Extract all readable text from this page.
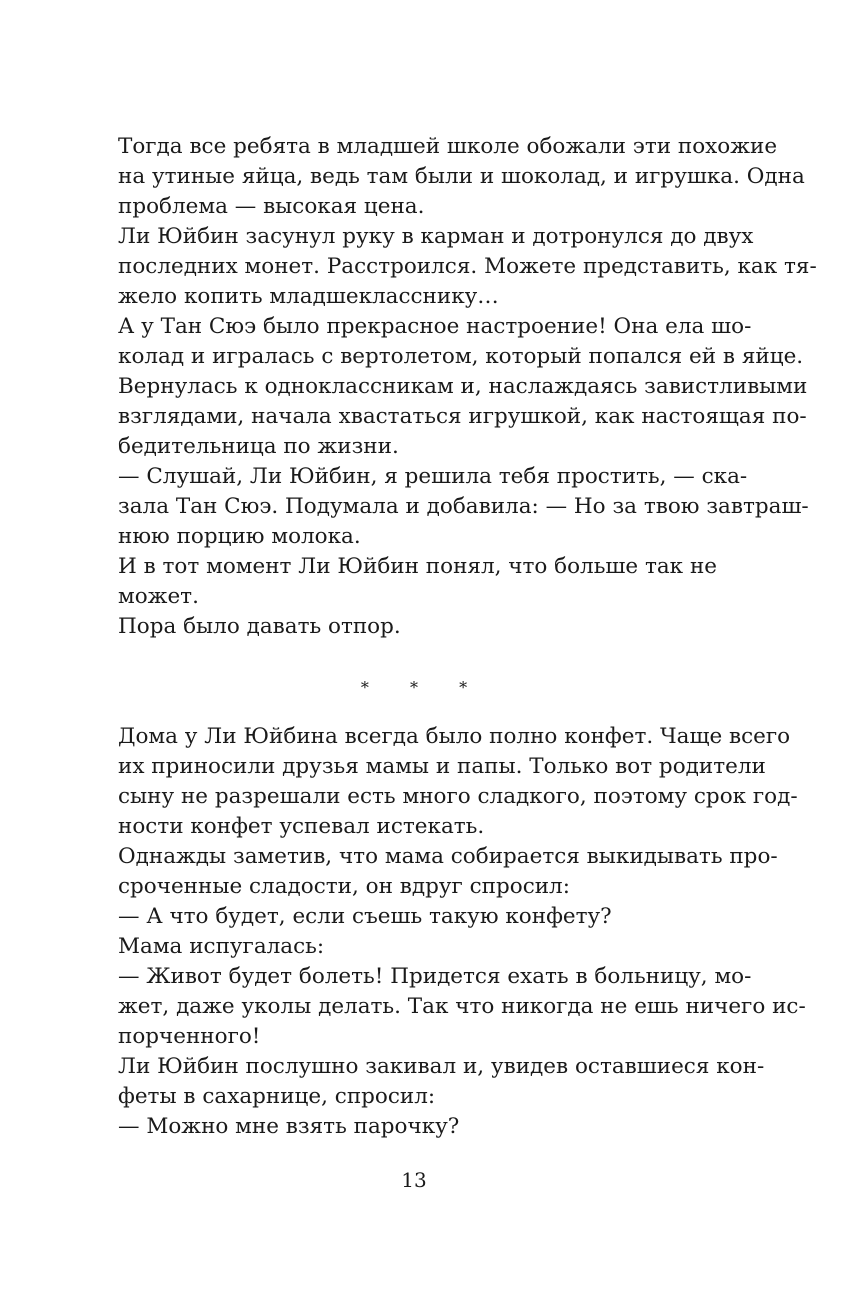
Тогда все ребята в младшей школе обожали эти похожие
на утиные яйца, ведь там были и шоколад, и игрушка. Одна
проблема — высокая цена.
Ли Юйбин засунул руку в карман и дотронулся до двух
последних монет. Расстроился. Можете представить, как тя-
жело копить младшекласснику…
А у Тан Сюэ было прекрасное настроение! Она ела шо-
колад и игралась с вертолетом, который попался ей в яйце.
Вернулась к одноклассникам и, наслаждаясь завистливыми
взглядами, начала хвастаться игрушкой, как настоящая по-
бедительница по жизни.
— Слушай, Ли Юйбин, я решила тебя простить, — ска-
зала Тан Сюэ. Подумала и добавила: — Но за твою завтраш-
нюю порцию молока.
И в тот момент Ли Юйбин понял, что больше так не
может.
Пора было давать отпор.
* * *
Дома у Ли Юйбина всегда было полно конфет. Чаще всего
их приносили друзья мамы и папы. Только вот родители
сыну не разрешали есть много сладкого, поэтому срок год-
ности конфет успевал истекать.
Однажды заметив, что мама собирается выкидывать про-
сроченные сладости, он вдруг спросил:
— А что будет, если съешь такую конфету?
Мама испугалась:
— Живот будет болеть! Придется ехать в больницу, мо-
жет, даже уколы делать. Так что никогда не ешь ничего ис-
порченного!
Ли Юйбин послушно закивал и, увидев оставшиеся кон-
феты в сахарнице, спросил:
— Можно мне взять парочку?
13
